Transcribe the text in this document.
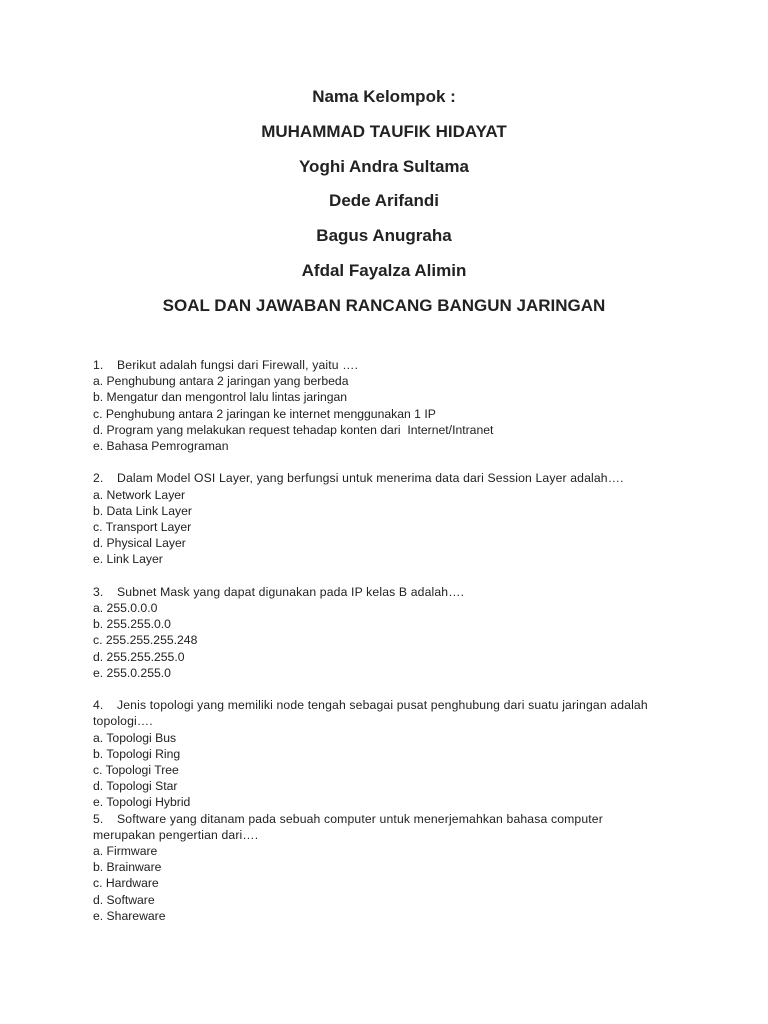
Nama Kelompok :
MUHAMMAD TAUFIK HIDAYAT
Yoghi Andra Sultama
Dede Arifandi
Bagus Anugraha
Afdal Fayalza Alimin
SOAL DAN JAWABAN RANCANG BANGUN JARINGAN
1. Berikut adalah fungsi dari Firewall, yaitu ….
a. Penghubung antara 2 jaringan yang berbeda
b. Mengatur dan mengontrol lalu lintas jaringan
c. Penghubung antara 2 jaringan ke internet menggunakan 1 IP
d. Program yang melakukan request tehadap konten dari  Internet/Intranet
e. Bahasa Pemrograman
2. Dalam Model OSI Layer, yang berfungsi untuk menerima data dari Session Layer adalah….
a. Network Layer
b. Data Link Layer
c. Transport Layer
d. Physical Layer
e. Link Layer
3. Subnet Mask yang dapat digunakan pada IP kelas B adalah….
a. 255.0.0.0
b. 255.255.0.0
c. 255.255.255.248
d. 255.255.255.0
e. 255.0.255.0
4. Jenis topologi yang memiliki node tengah sebagai pusat penghubung dari suatu jaringan adalah
topologi….
a. Topologi Bus
b. Topologi Ring
c. Topologi Tree
d. Topologi Star
e. Topologi Hybrid
5. Software yang ditanam pada sebuah computer untuk menerjemahkan bahasa computer
merupakan pengertian dari….
a. Firmware
b. Brainware
c. Hardware
d. Software
e. Shareware
